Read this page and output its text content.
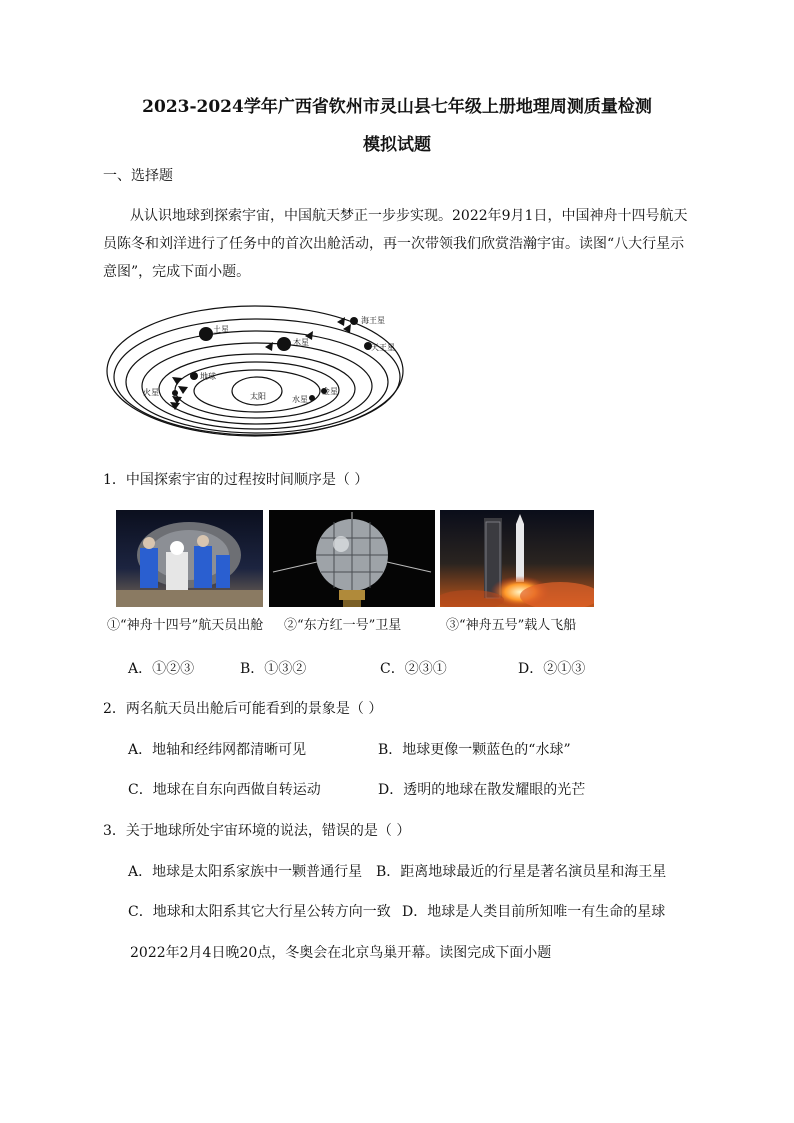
2023-2024学年广西省钦州市灵山县七年级上册地理周测质量检测
模拟试题
一、选择题
从认识地球到探索宇宙，中国航天梦正一步步实现。2022年9月1日，中国神舟十四号航天
员陈冬和刘洋进行了任务中的首次出舱活动，再一次带领我们欣赏浩瀚宇宙。读图“八大行星示
意图”，完成下面小题。
海王星
土星
木星
天王星
地球
火星	金星
水星
太阳
1．中国探索宇宙的过程按时间顺序是（ ）
①“神舟十四号”航天员出舱 ②“东方红一号”卫星	③“神舟五号”载人飞船
A．①②③	B．①③②	C．②③①	D．②①③
2．两名航天员出舱后可能看到的景象是（ ）
A．地轴和经纬网都清晰可见	B．地球更像一颗蓝色的“水球”
C．地球在自东向西做自转运动	D．透明的地球在散发耀眼的光芒
3．关于地球所处宇宙环境的说法，错误的是（ ）
A．地球是太阳系家族中一颗普通行星 B．距离地球最近的行星是著名演员星和海王星
C．地球和太阳系其它大行星公转方向一致 D．地球是人类目前所知唯一有生命的星球
2022年2月4日晚20点，冬奥会在北京鸟巢开幕。读图完成下面小题
